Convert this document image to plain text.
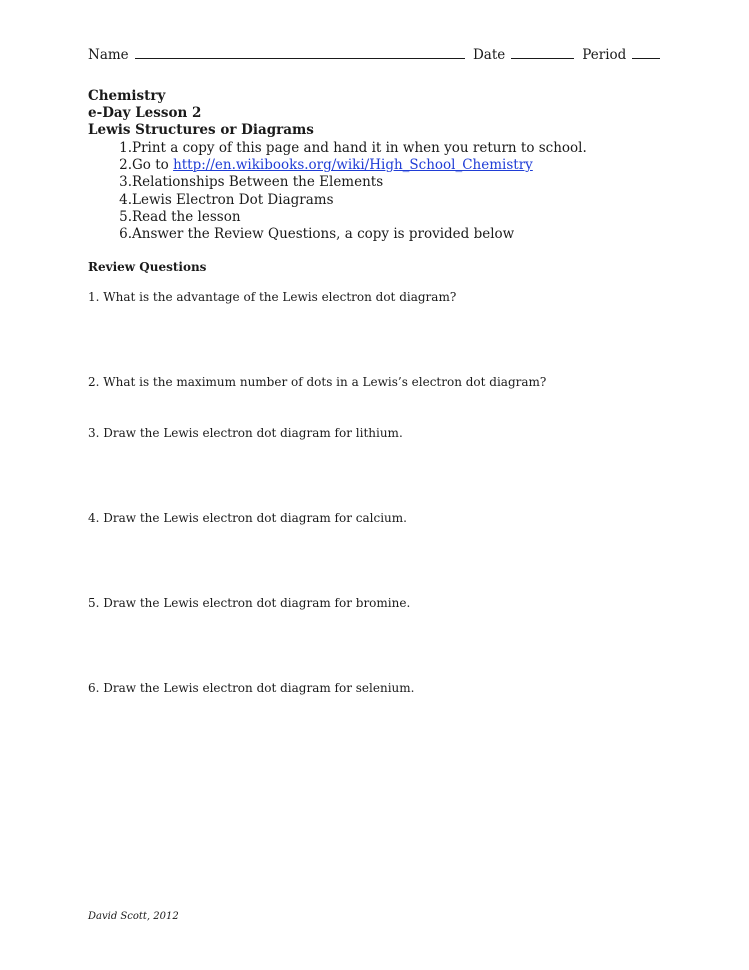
Name	Date	Period
Chemistry
e-Day Lesson 2
Lewis Structures or Diagrams
1. Print a copy of this page and hand it in when you return to school.
2. Go to http://en.wikibooks.org/wiki/High_School_Chemistry
3. Relationships Between the Elements
4. Lewis Electron Dot Diagrams
5. Read the lesson
6. Answer the Review Questions, a copy is provided below
Review Questions
1. What is the advantage of the Lewis electron dot diagram?
2. What is the maximum number of dots in a Lewis’s electron dot diagram?
3. Draw the Lewis electron dot diagram for lithium.
4. Draw the Lewis electron dot diagram for calcium.
5. Draw the Lewis electron dot diagram for bromine.
6. Draw the Lewis electron dot diagram for selenium.
David Scott, 2012
